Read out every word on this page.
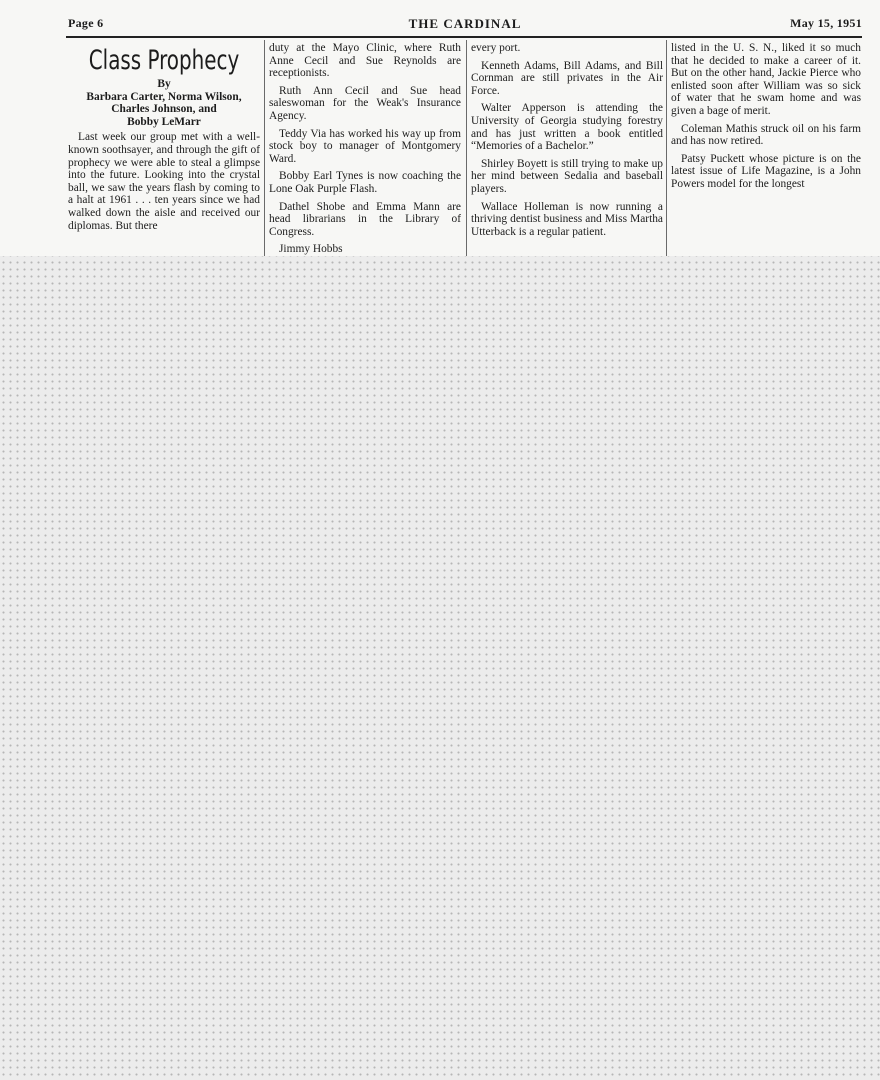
Page 6	THE CARDINAL	May 15, 1951
Class Prophecy
By
Barbara Carter, Norma Wilson,
Charles Johnson, and
Bobby LeMarr

Last week our group met with a well-known soothsayer, and through the gift of prophecy we were able to steal a glimpse into the future. Looking into the crystal ball, we saw the years flash by coming to a halt at 1961 . . . ten years since we had walked down the aisle and received our diplomas. But there

duty at the Mayo Clinic, where Ruth Anne Cecil and Sue Reynolds are receptionists.

Ruth Ann Cecil and Sue head saleswoman for the Weak's Insurance Agency.

Teddy Via has worked his way up from stock boy to manager of Montgomery Ward.

Bobby Earl Tynes is now coaching the Lone Oak Purple Flash.

Dathel Shobe and Emma Mann are head librarians in the Library of Congress.

Jimmy Hobbs

every port.

Kenneth Adams, Bill Adams, and Bill Cornman are still privates in the Air Force.

Walter Apperson is attending the University of Georgia studying forestry and has just written a book entitled “Memories of a Bachelor.”

Shirley Boyett is still trying to make up her mind between Sedalia and baseball players.

Wallace Holleman is now running a thriving dentist business and Miss Martha Utterback is a regular patient.

listed in the U. S. N., liked it so much that he decided to make a career of it. But on the other hand, Jackie Pierce who enlisted soon after William was so sick of water that he swam home and was given a bage of merit.

Coleman Mathis struck oil on his farm and has now retired.

Patsy Puckett whose picture is on the latest issue of Life Magazine, is a John Powers model for the longest
